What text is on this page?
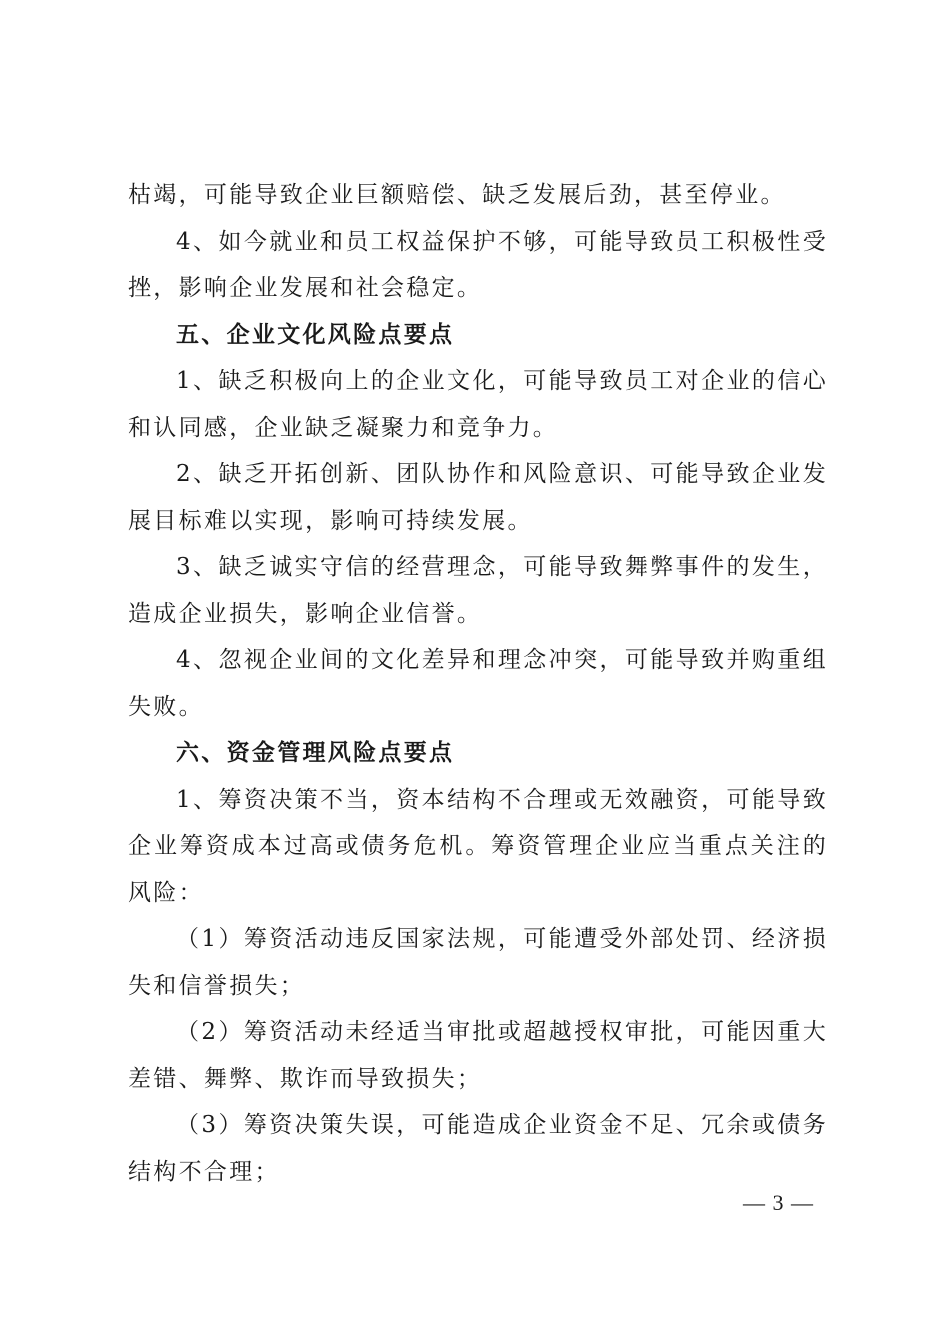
枯竭，可能导致企业巨额赔偿、缺乏发展后劲，甚至停业。

4、如今就业和员工权益保护不够，可能导致员工积极性受挫，影响企业发展和社会稳定。

五、企业文化风险点要点

1、缺乏积极向上的企业文化，可能导致员工对企业的信心和认同感，企业缺乏凝聚力和竞争力。

2、缺乏开拓创新、团队协作和风险意识、可能导致企业发展目标难以实现，影响可持续发展。

3、缺乏诚实守信的经营理念，可能导致舞弊事件的发生，造成企业损失，影响企业信誉。

4、忽视企业间的文化差异和理念冲突，可能导致并购重组失败。

六、资金管理风险点要点

1、筹资决策不当，资本结构不合理或无效融资，可能导致企业筹资成本过高或债务危机。筹资管理企业应当重点关注的风险：

（1）筹资活动违反国家法规，可能遭受外部处罚、经济损失和信誉损失；

（2）筹资活动未经适当审批或超越授权审批，可能因重大差错、舞弊、欺诈而导致损失；

（3）筹资决策失误，可能造成企业资金不足、冗余或债务结构不合理；

— 3 —
